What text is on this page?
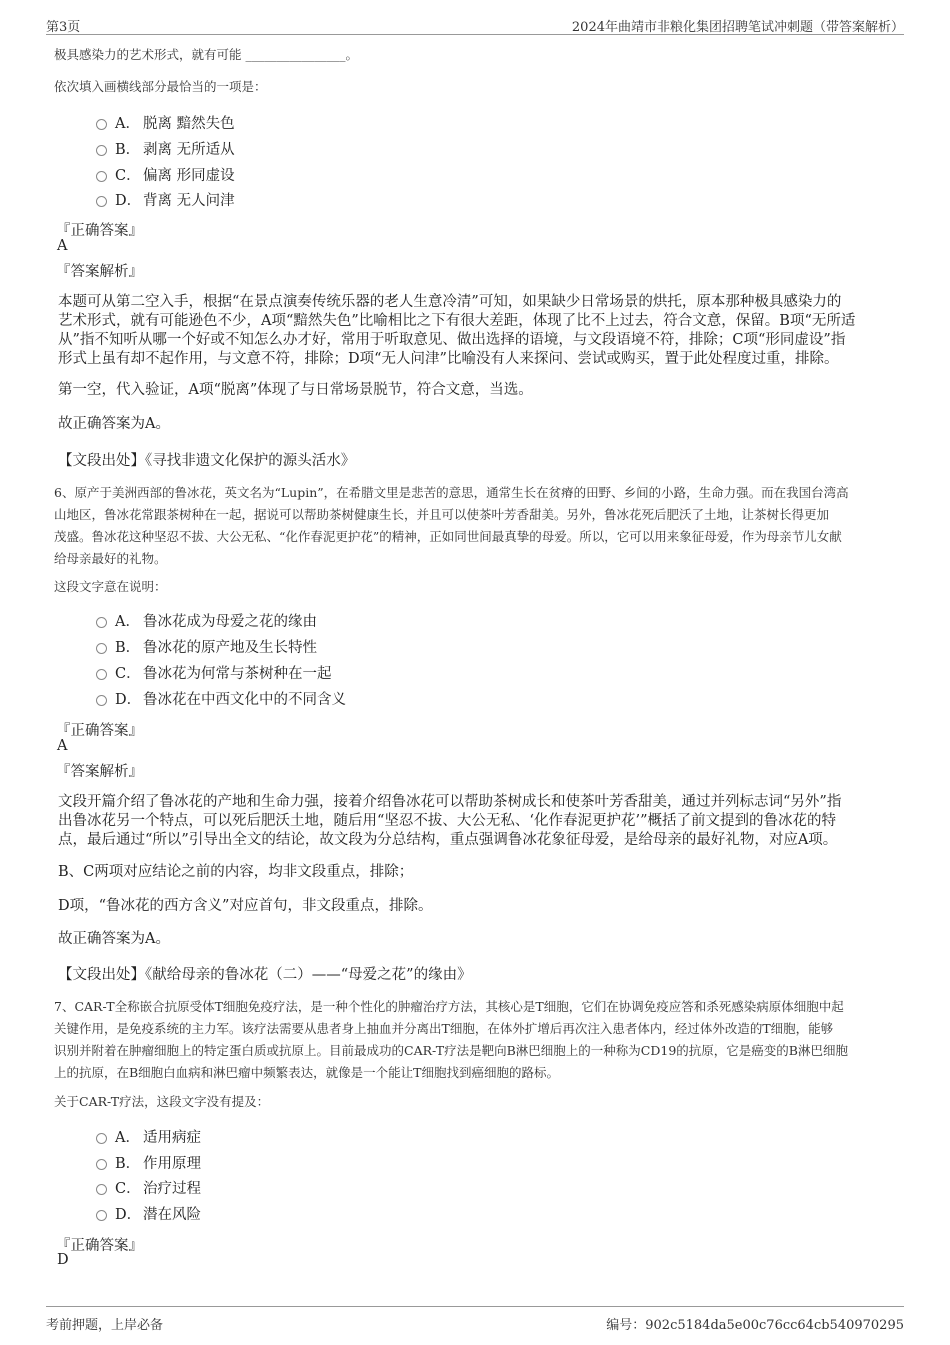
第3页	2024年曲靖市非粮化集团招聘笔试冲刺题（带答案解析）
极具感染力的艺术形式，就有可能 ________________。
依次填入画横线部分最恰当的一项是：
A． 脱离 黯然失色
B． 剥离 无所适从
C． 偏离 形同虚设
D． 背离 无人问津
『正确答案』
A
『答案解析』
本题可从第二空入手，根据“在景点演奏传统乐器的老人生意冷清”可知，如果缺少日常场景的烘托，原本那种极具感染力的
艺术形式，就有可能逊色不少，A项“黯然失色”比喻相比之下有很大差距，体现了比不上过去，符合文意，保留。B项“无所适
从”指不知听从哪一个好或不知怎么办才好，常用于听取意见、做出选择的语境，与文段语境不符，排除；C项“形同虚设”指
形式上虽有却不起作用，与文意不符，排除；D项“无人问津”比喻没有人来探问、尝试或购买，置于此处程度过重，排除。
第一空，代入验证，A项“脱离”体现了与日常场景脱节，符合文意，当选。
故正确答案为A。
【文段出处】《寻找非遗文化保护的源头活水》
6、原产于美洲西部的鲁冰花，英文名为“Lupin”，在希腊文里是悲苦的意思，通常生长在贫瘠的田野、乡间的小路，生命力强。而在我国台湾高
山地区，鲁冰花常跟茶树种在一起，据说可以帮助茶树健康生长，并且可以使茶叶芳香甜美。另外，鲁冰花死后肥沃了土地，让茶树长得更加
茂盛。鲁冰花这种坚忍不拔、大公无私、“化作春泥更护花”的精神，正如同世间最真挚的母爱。所以，它可以用来象征母爱，作为母亲节儿女献
给母亲最好的礼物。
这段文字意在说明：
A． 鲁冰花成为母爱之花的缘由
B． 鲁冰花的原产地及生长特性
C． 鲁冰花为何常与茶树种在一起
D． 鲁冰花在中西文化中的不同含义
『正确答案』
A
『答案解析』
文段开篇介绍了鲁冰花的产地和生命力强，接着介绍鲁冰花可以帮助茶树成长和使茶叶芳香甜美，通过并列标志词“另外”指
出鲁冰花另一个特点，可以死后肥沃土地，随后用“坚忍不拔、大公无私、‘化作春泥更护花’”概括了前文提到的鲁冰花的特
点，最后通过“所以”引导出全文的结论，故文段为分总结构，重点强调鲁冰花象征母爱，是给母亲的最好礼物，对应A项。
B、C两项对应结论之前的内容，均非文段重点，排除；
D项，“鲁冰花的西方含义”对应首句，非文段重点，排除。
故正确答案为A。
【文段出处】《献给母亲的鲁冰花（二）——“母爱之花”的缘由》
7、CAR-T全称嵌合抗原受体T细胞免疫疗法，是一种个性化的肿瘤治疗方法，其核心是T细胞，它们在协调免疫应答和杀死感染病原体细胞中起
关键作用，是免疫系统的主力军。该疗法需要从患者身上抽血并分离出T细胞，在体外扩增后再次注入患者体内，经过体外改造的T细胞，能够
识别并附着在肿瘤细胞上的特定蛋白质或抗原上。目前最成功的CAR-T疗法是靶向B淋巴细胞上的一种称为CD19的抗原，它是癌变的B淋巴细胞
上的抗原，在B细胞白血病和淋巴瘤中频繁表达，就像是一个能让T细胞找到癌细胞的路标。
关于CAR-T疗法，这段文字没有提及：
A． 适用病症
B． 作用原理
C． 治疗过程
D． 潜在风险
『正确答案』
D
考前押题，上岸必备	编号：902c5184da5e00c76cc64cb540970295
